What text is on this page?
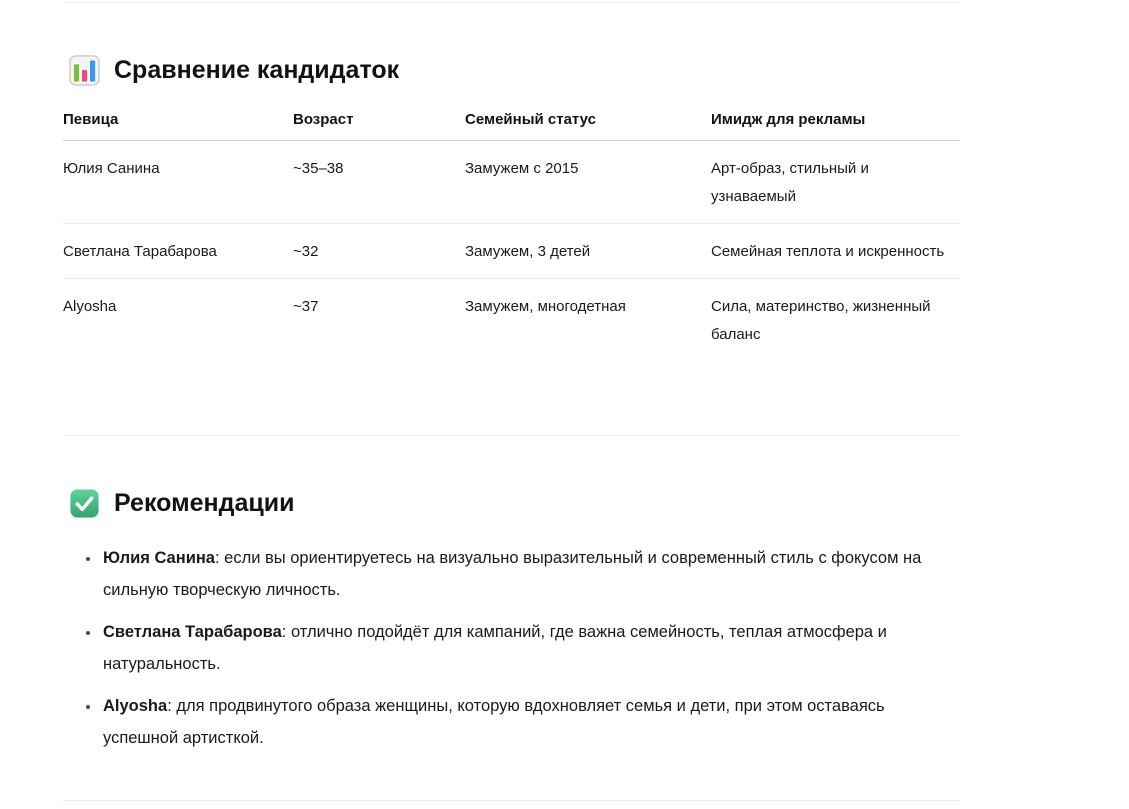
Сравнение кандидаток
Певица	Возраст	Семейный статус	Имидж для рекламы
Юлия Санина	~35–38	Замужем с 2015	Арт-образ, стильный и узнаваемый
Светлана Тарабарова	~32	Замужем, 3 детей	Семейная теплота и искренность
Alyosha	~37	Замужем, многодетная	Сила, материнство, жизненный баланс
Рекомендации
• Юлия Санина: если вы ориентируетесь на визуально выразительный и современный стиль с фокусом на сильную творческую личность.
• Светлана Тарабарова: отлично подойдёт для кампаний, где важна семейность, теплая атмосфера и натуральность.
• Alyosha: для продвинутого образа женщины, которую вдохновляет семья и дети, при этом оставаясь успешной артисткой.
